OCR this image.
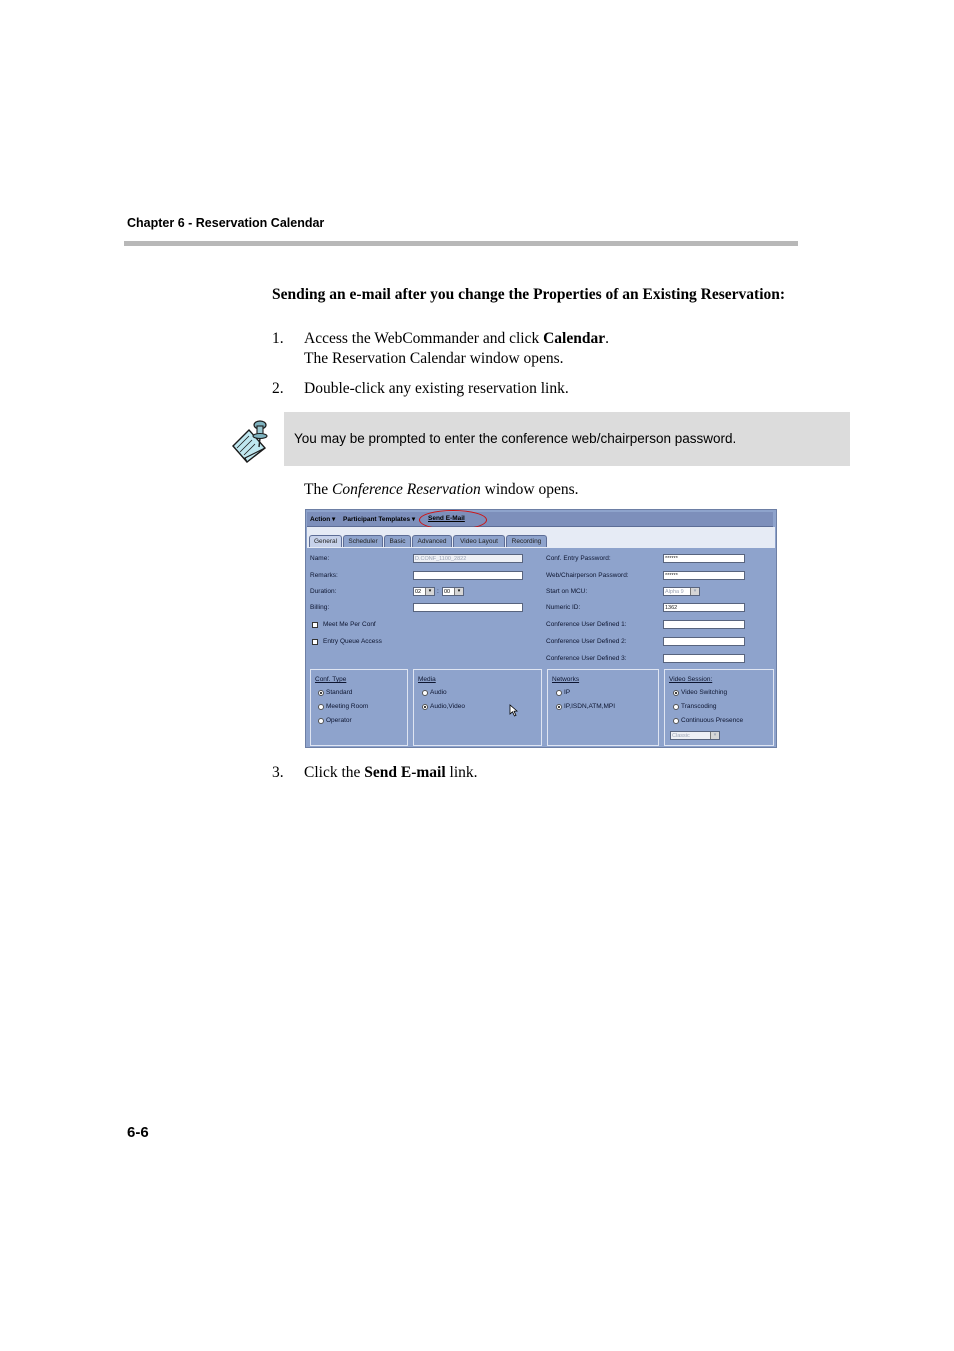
Chapter 6 - Reservation Calendar
Sending an e-mail after you change the Properties of an Existing Reservation:
1. Access the WebCommander and click Calendar.
The Reservation Calendar window opens.
2. Double-click any existing reservation link.
You may be prompted to enter the conference web/chairperson password.
The Conference Reservation window opens.
Action ▾ Participant Templates ▾ Send E-Mail
General	Scheduler	Basic	Advanced	Video Layout	Recording
Name:	D.CONF_1100_2822
Remarks:
Duration:	02	▾ : 00	▾
Billing:
Meet Me Per Conf
Entry Queue Access
Conf. Entry Password:	******
Web/Chairperson Password:	******
Start on MCU:	Alpha 9	▾
Numeric ID:	1362
Conference User Defined 1:
Conference User Defined 2:
Conference User Defined 3:
Conf. Type
Standard
Meeting Room
Operator
Media
Audio
Audio,Video
Networks
IP
IP,ISDN,ATM,MPI
Video Session:
Video Switching
Transcoding
Continuous Presence
Classic	▾
3. Click the Send E-mail link.
6-6
